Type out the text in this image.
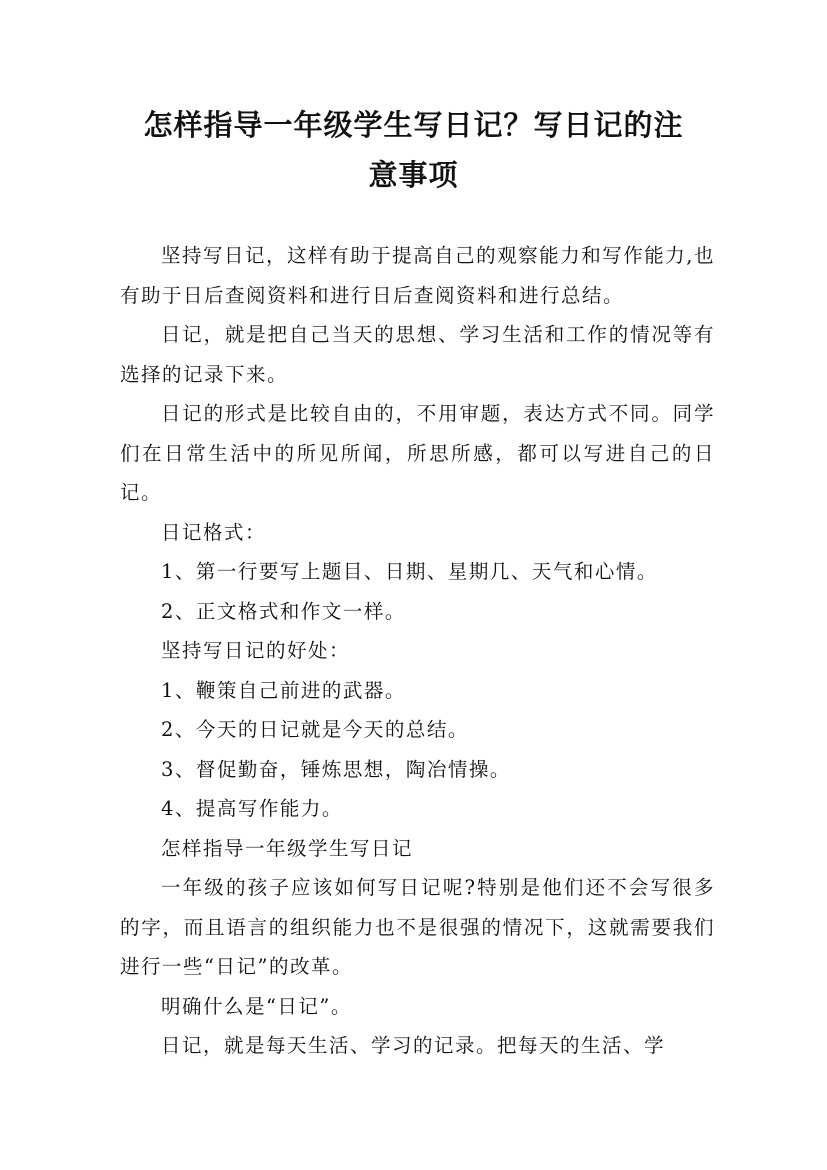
怎样指导一年级学生写日记？写日记的注
意事项

坚持写日记，这样有助于提高自己的观察能力和写作能力,也有助于日后查阅资料和进行日后查阅资料和进行总结。

日记，就是把自己当天的思想、学习生活和工作的情况等有选择的记录下来。

日记的形式是比较自由的，不用审题，表达方式不同。同学们在日常生活中的所见所闻，所思所感，都可以写进自己的日记。

日记格式：

1、第一行要写上题目、日期、星期几、天气和心情。

2、正文格式和作文一样。

坚持写日记的好处：

1、鞭策自己前进的武器。

2、今天的日记就是今天的总结。

3、督促勤奋，锤炼思想，陶冶情操。

4、提高写作能力。

怎样指导一年级学生写日记

一年级的孩子应该如何写日记呢?特别是他们还不会写很多的字，而且语言的组织能力也不是很强的情况下，这就需要我们进行一些“日记”的改革。

明确什么是“日记”。

日记，就是每天生活、学习的记录。把每天的生活、学
